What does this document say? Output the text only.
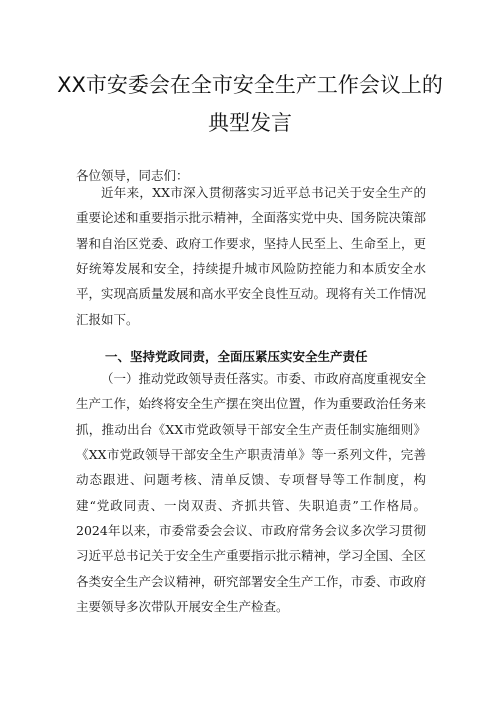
XX市安委会在全市安全生产工作会议上的
典型发言
各位领导，同志们：

近年来，XX市深入贯彻落实习近平总书记关于安全生产的重要论述和重要指示批示精神，全面落实党中央、国务院决策部署和自治区党委、政府工作要求，坚持人民至上、生命至上，更好统筹发展和安全，持续提升城市风险防控能力和本质安全水平，实现高质量发展和高水平安全良性互动。现将有关工作情况汇报如下。

一、坚持党政同责，全面压紧压实安全生产责任

（一）推动党政领导责任落实。市委、市政府高度重视安全生产工作，始终将安全生产摆在突出位置，作为重要政治任务来抓，推动出台《XX市党政领导干部安全生产责任制实施细则》《XX市党政领导干部安全生产职责清单》等一系列文件，完善动态跟进、问题考核、清单反馈、专项督导等工作制度，构建“党政同责、一岗双责、齐抓共管、失职追责”工作格局。2024年以来，市委常委会会议、市政府常务会议多次学习贯彻习近平总书记关于安全生产重要指示批示精神，学习全国、全区各类安全生产会议精神，研究部署安全生产工作，市委、市政府主要领导多次带队开展安全生产检查。
